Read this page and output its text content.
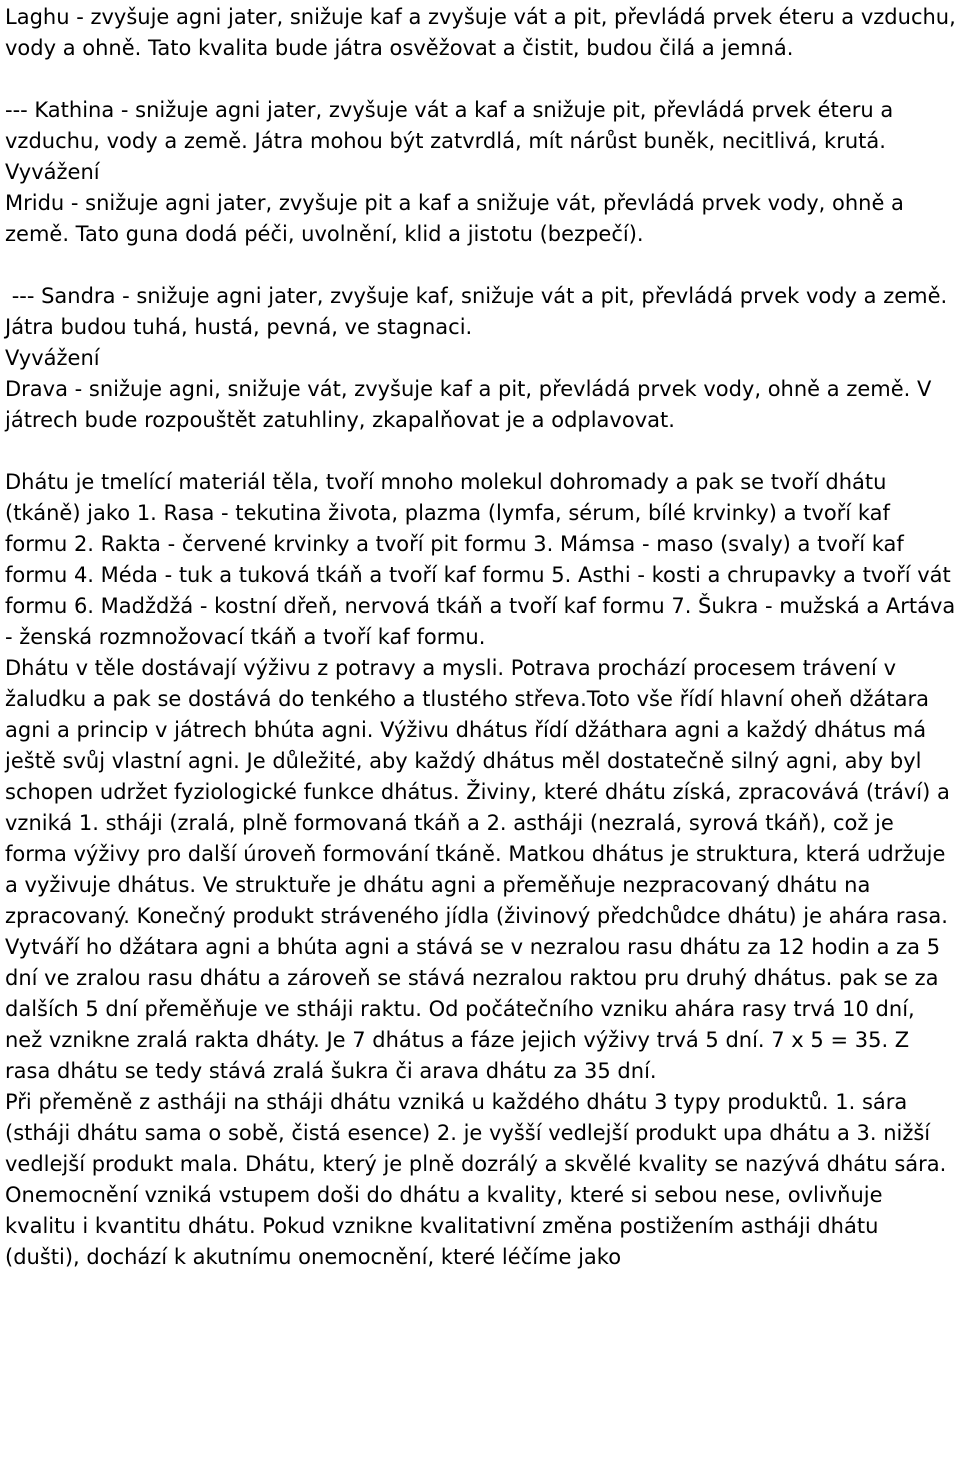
Laghu - zvyšuje agni jater, snižuje kaf a zvyšuje vát a pit, převládá prvek éteru a vzduchu, vody a ohně. Tato kvalita bude játra osvěžovat a čistit, budou čilá a jemná.

--- Kathina - snižuje agni jater, zvyšuje vát a kaf a snižuje pit, převládá prvek éteru a vzduchu, vody a země. Játra mohou být zatvrdlá, mít nárůst buněk, necitlivá, krutá.

Vyvážení

Mridu - snižuje agni jater, zvyšuje pit a kaf a snižuje vát, převládá prvek vody, ohně a země. Tato guna dodá péči, uvolnění, klid a jistotu (bezpečí).

--- Sandra - snižuje agni jater, zvyšuje kaf, snižuje vát a pit, převládá prvek vody a země. Játra budou tuhá, hustá, pevná, ve stagnaci.

Vyvážení

Drava - snižuje agni, snižuje vát, zvyšuje kaf a pit, převládá prvek vody, ohně a země. V játrech bude rozpouštět zatuhliny, zkapalňovat je a odplavovat.

Dhátu je tmelící materiál těla, tvoří mnoho molekul dohromady a pak se tvoří dhátu (tkáně) jako 1. Rasa - tekutina života, plazma (lymfa, sérum, bílé krvinky) a tvoří kaf formu 2. Rakta - červené krvinky a tvoří pit formu 3. Mámsa - maso (svaly) a tvoří kaf formu 4. Méda - tuk a tuková tkáň a tvoří kaf formu 5. Asthi - kosti a chrupavky a tvoří vát formu 6. Madždžá - kostní dřeň, nervová tkáň a tvoří kaf formu 7. Šukra - mužská a Artáva - ženská rozmnožovací tkáň a tvoří kaf formu.

Dhátu v těle dostávají výživu z potravy a mysli. Potrava prochází procesem trávení v žaludku a pak se dostává do tenkého a tlustého střeva.Toto vše řídí hlavní oheň džátara agni a princip v játrech bhúta agni. Výživu dhátus řídí džáthara agni a každý dhátus má ještě svůj vlastní agni. Je důležité, aby každý dhátus měl dostatečně silný agni, aby byl schopen udržet fyziologické funkce dhátus. Živiny, které dhátu získá, zpracovává (tráví) a vzniká 1. stháji (zralá, plně formovaná tkáň a 2. astháji (nezralá, syrová tkáň), což je forma výživy pro další úroveň formování tkáně. Matkou dhátus je struktura, která udržuje a vyživuje dhátus. Ve struktuře je dhátu agni a přeměňuje nezpracovaný dhátu na zpracovaný. Konečný produkt stráveného jídla (živinový předchůdce dhátu) je ahára rasa. Vytváří ho džátara agni a bhúta agni a stává se v nezralou rasu dhátu za 12 hodin a za 5 dní ve zralou rasu dhátu a zároveň se stává nezralou raktou pru druhý dhátus. pak se za dalších 5 dní přeměňuje ve stháji raktu. Od počátečního vzniku ahára rasy trvá 10 dní, než vznikne zralá rakta dháty. Je 7 dhátus a fáze jejich výživy trvá 5 dní. 7 x 5 = 35. Z rasa dhátu se tedy stává zralá šukra či arava dhátu za 35 dní.

Při přeměně z astháji na stháji dhátu vzniká u každého dhátu 3 typy produktů. 1. sára (stháji dhátu sama o sobě, čistá esence) 2. je vyšší vedlejší produkt upa dhátu a 3. nižší vedlejší produkt mala. Dhátu, který je plně dozrálý a skvělé kvality se nazývá dhátu sára.

Onemocnění vzniká vstupem doši do dhátu a kvality, které si sebou nese, ovlivňuje kvalitu i kvantitu dhátu. Pokud vznikne kvalitativní změna postižením astháji dhátu (dušti), dochází k akutnímu onemocnění, které léčíme jako
